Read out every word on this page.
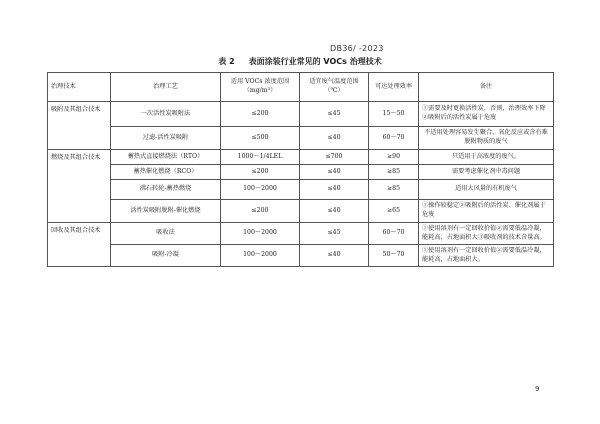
DB36/ -2023
表 2 表面涂装行业常见的 VOCs 治理技术
治理技术	治理工艺	适用 VOCs 浓度范围（mg/m³）	适宜废气温度范围（℃）	可达处理效率	备注
吸附及其组合技术	一次活性炭吸附法	≤200	≤45	15～50	①需要及时更换活性炭，否则，治理效率下降②吸附后的活性炭属于危废
	过滤-活性炭吸附	≤500	≤40	60～70	不适用处理容易发生聚合、氧化反应或含有难脱附物质的废气
燃烧及其组合技术	蓄热式直接燃烧法（RTO）	1000～1/4LEL	≤700	≥90	只适用于高浓度的废气。
	蓄热催化燃烧（RCO）	≤200	≤40	≥85	需要考虑催化剂中毒问题
	沸石转轮-蓄热燃烧	100～2000	≤40	≥85	适用大风量的有机废气
	活性炭吸附脱附-催化燃烧	≤200	≤40	≥65	①操作较稳定②吸附后的活性炭、催化剂属于危废
回收及其组合技术	吸收法	100～2000	≤45	60～70	①使用溶剂有一定回收价值②需要低温冷凝，能耗高，占地面积大③吸收剂的技术含量高。
	吸附-冷凝	100～2000	≤40	50～70	①使用溶剂有一定回收价值②需要低温冷凝，能耗高，占地面积大。
9
